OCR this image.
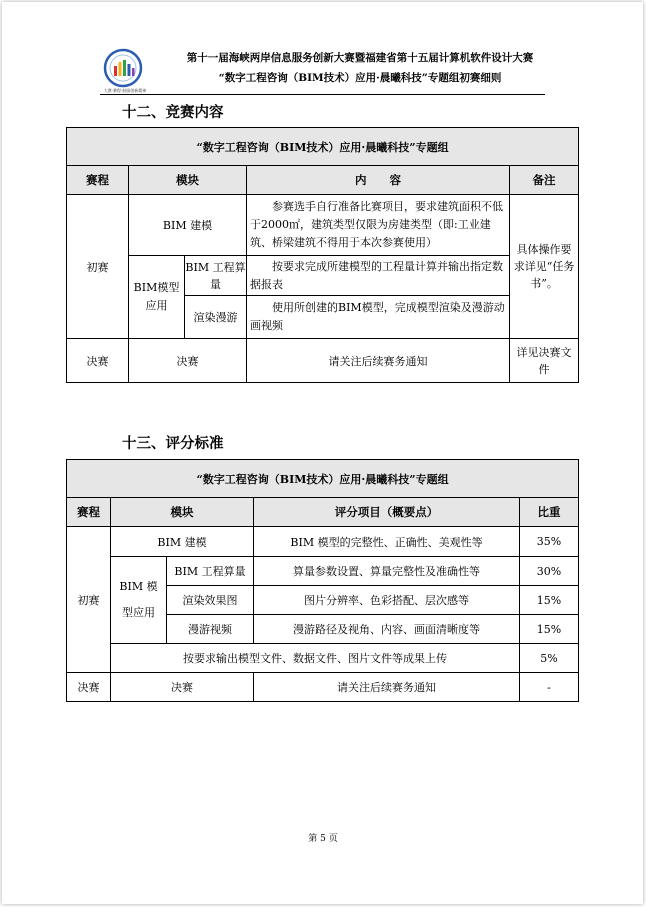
大赛·赛程·鼓励创新精神
第十一届海峡两岸信息服务创新大赛暨福建省第十五届计算机软件设计大赛
“数字工程咨询（BIM技术）应用·晨曦科技”专题组初赛细则
十二、竞赛内容
“数字工程咨询（BIM技术）应用·晨曦科技”专题组				
赛程	模块		内　　容	备注
初赛	BIM 建模		参赛选手自行准备比赛项目，要求建筑面积不低于2000㎡，建筑类型仅限为房建类型（即:工业建筑、桥梁建筑不得用于本次参赛使用）	具体操作要求详见“任务书”。
	BIM模型应用	BIM 工程算量	按要求完成所建模型的工程量计算并输出指定数据报表	
		渲染漫游	使用所创建的BIM模型，完成模型渲染及漫游动画视频	
决赛	决赛		请关注后续赛务通知	详见决赛文件
十三、评分标准
“数字工程咨询（BIM技术）应用·晨曦科技”专题组				
赛程	模块		评分项目（概要点）	比重
初赛	BIM 建模		BIM 模型的完整性、正确性、美观性等	35%
	BIM 模型应用	BIM 工程算量	算量参数设置、算量完整性及准确性等	30%
		渲染效果图	图片分辨率、色彩搭配、层次感等	15%
		漫游视频	漫游路径及视角、内容、画面清晰度等	15%
	按要求输出模型文件、数据文件、图片文件等成果上传			5%
决赛	决赛		请关注后续赛务通知	-
第 5 页
